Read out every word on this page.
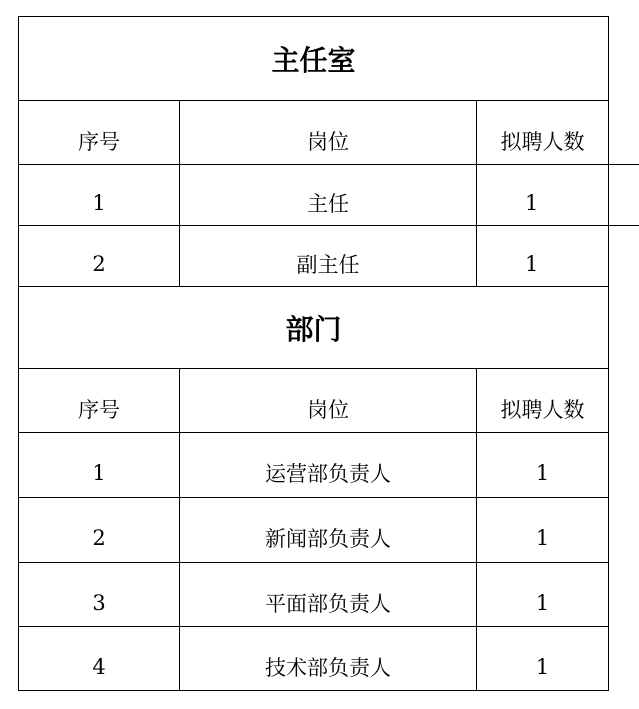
主任室
序号	岗位	拟聘人数
1	主任	1
2	副主任	1
部门
序号	岗位	拟聘人数
1	运营部负责人	1
2	新闻部负责人	1
3	平面部负责人	1
4	技术部负责人	1
